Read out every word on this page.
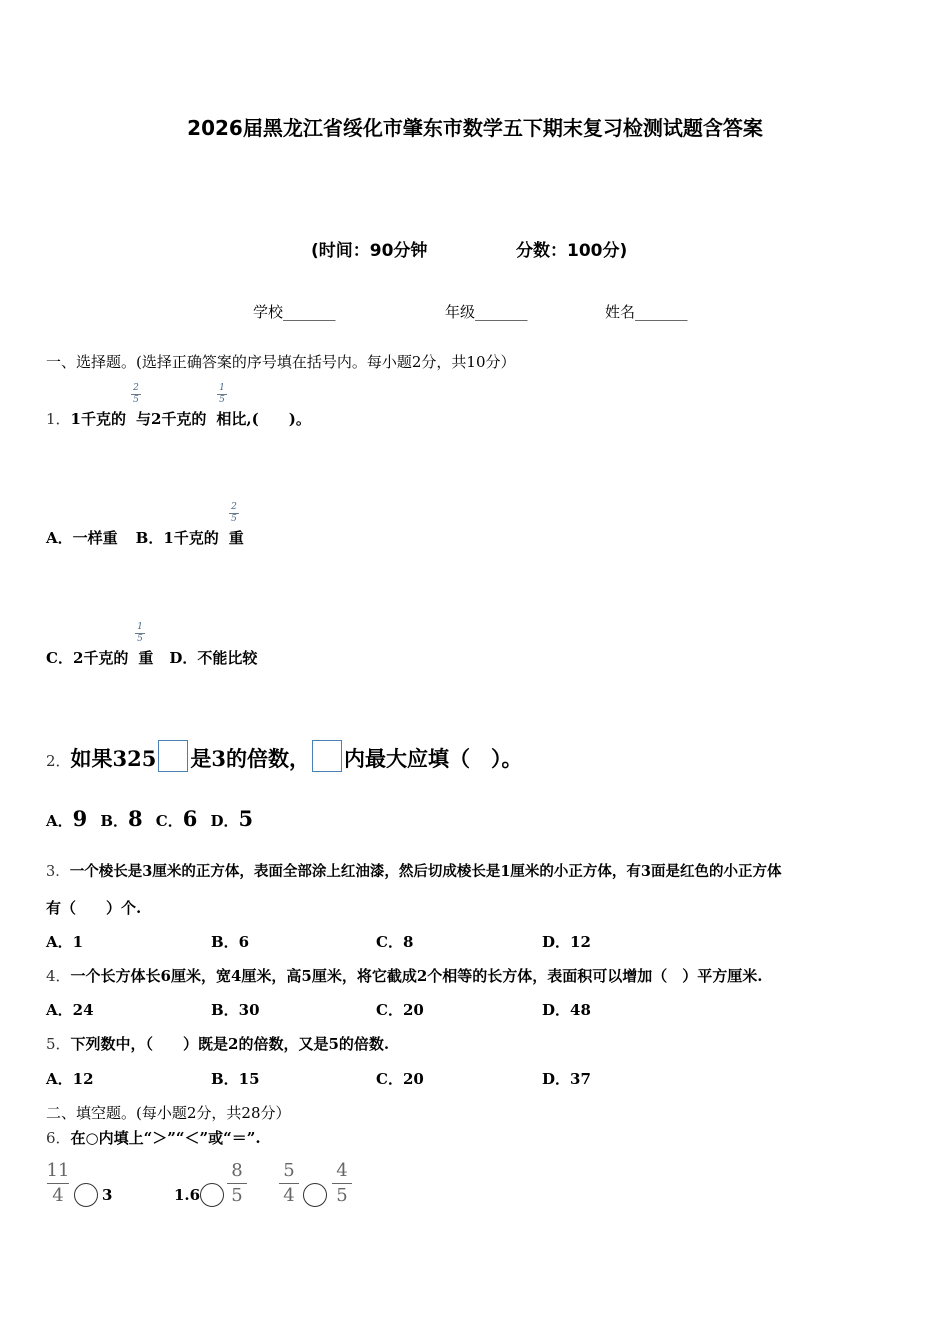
2026届黑龙江省绥化市肇东市数学五下期末复习检测试题含答案
(时间：90分钟	分数：100分)
学校_______	年级_______	姓名_______
一、选择题。(选择正确答案的序号填在括号内。每小题2分，共10分）
1．1千克的 与2千克的 相比,(　　)。
2
5
1
5
A．一样重 B．1千克的 重
2
5
C．2千克的 重 D．不能比较
1
5
2．如果325 是3的倍数， 内最大应填（　）。
A．9 B．8 C．6 D．5
3．一个棱长是3厘米的正方体，表面全部涂上红油漆，然后切成棱长是1厘米的小正方体，有3面是红色的小正方体
有（　　）个.
A．1	B．6	C．8	D．12
4．一个长方体长6厘米，宽4厘米，高5厘米，将它截成2个相等的长方体，表面积可以增加（　）平方厘米.
A．24	B．30	C．20	D．48
5．下列数中，（　　）既是2的倍数，又是5的倍数.
A．12	B．15	C．20	D．37
二、填空题。(每小题2分，共28分）
6．在○内填上“＞”“＜”或“＝”.
11
4	3	1.6
8
5
5
4
4
5
